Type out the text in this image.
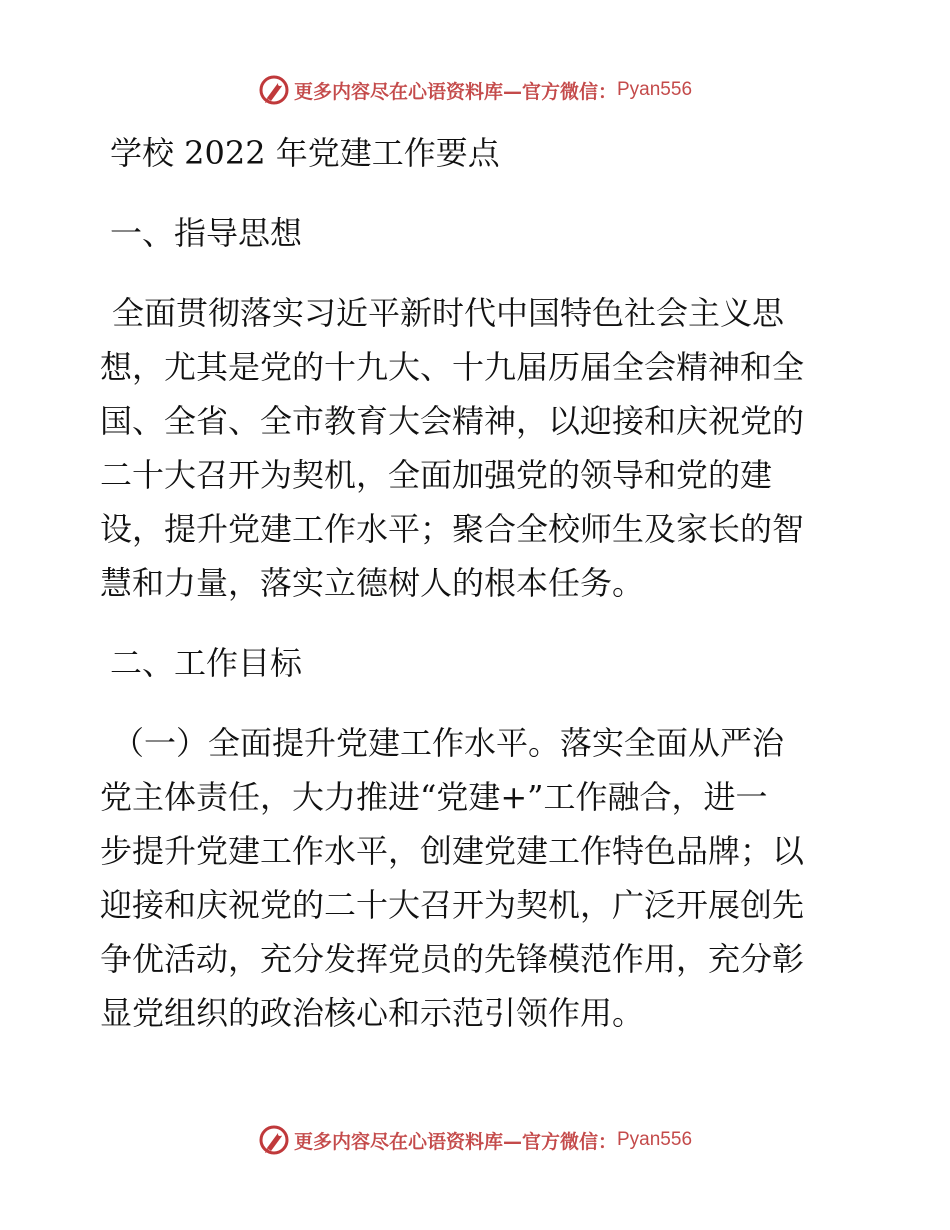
更多内容尽在心语资料库—官方微信： Pyan556
学校 2022 年党建工作要点
一、指导思想
全面贯彻落实习近平新时代中国特色社会主义思
想，尤其是党的十九大、十九届历届全会精神和全
国、全省、全市教育大会精神，以迎接和庆祝党的
二十大召开为契机，全面加强党的领导和党的建
设，提升党建工作水平；聚合全校师生及家长的智
慧和力量，落实立德树人的根本任务。
二、工作目标
（一）全面提升党建工作水平。落实全面从严治
党主体责任，大力推进“党建+”工作融合，进一
步提升党建工作水平，创建党建工作特色品牌；以
迎接和庆祝党的二十大召开为契机，广泛开展创先
争优活动，充分发挥党员的先锋模范作用，充分彰
显党组织的政治核心和示范引领作用。
更多内容尽在心语资料库—官方微信： Pyan556
